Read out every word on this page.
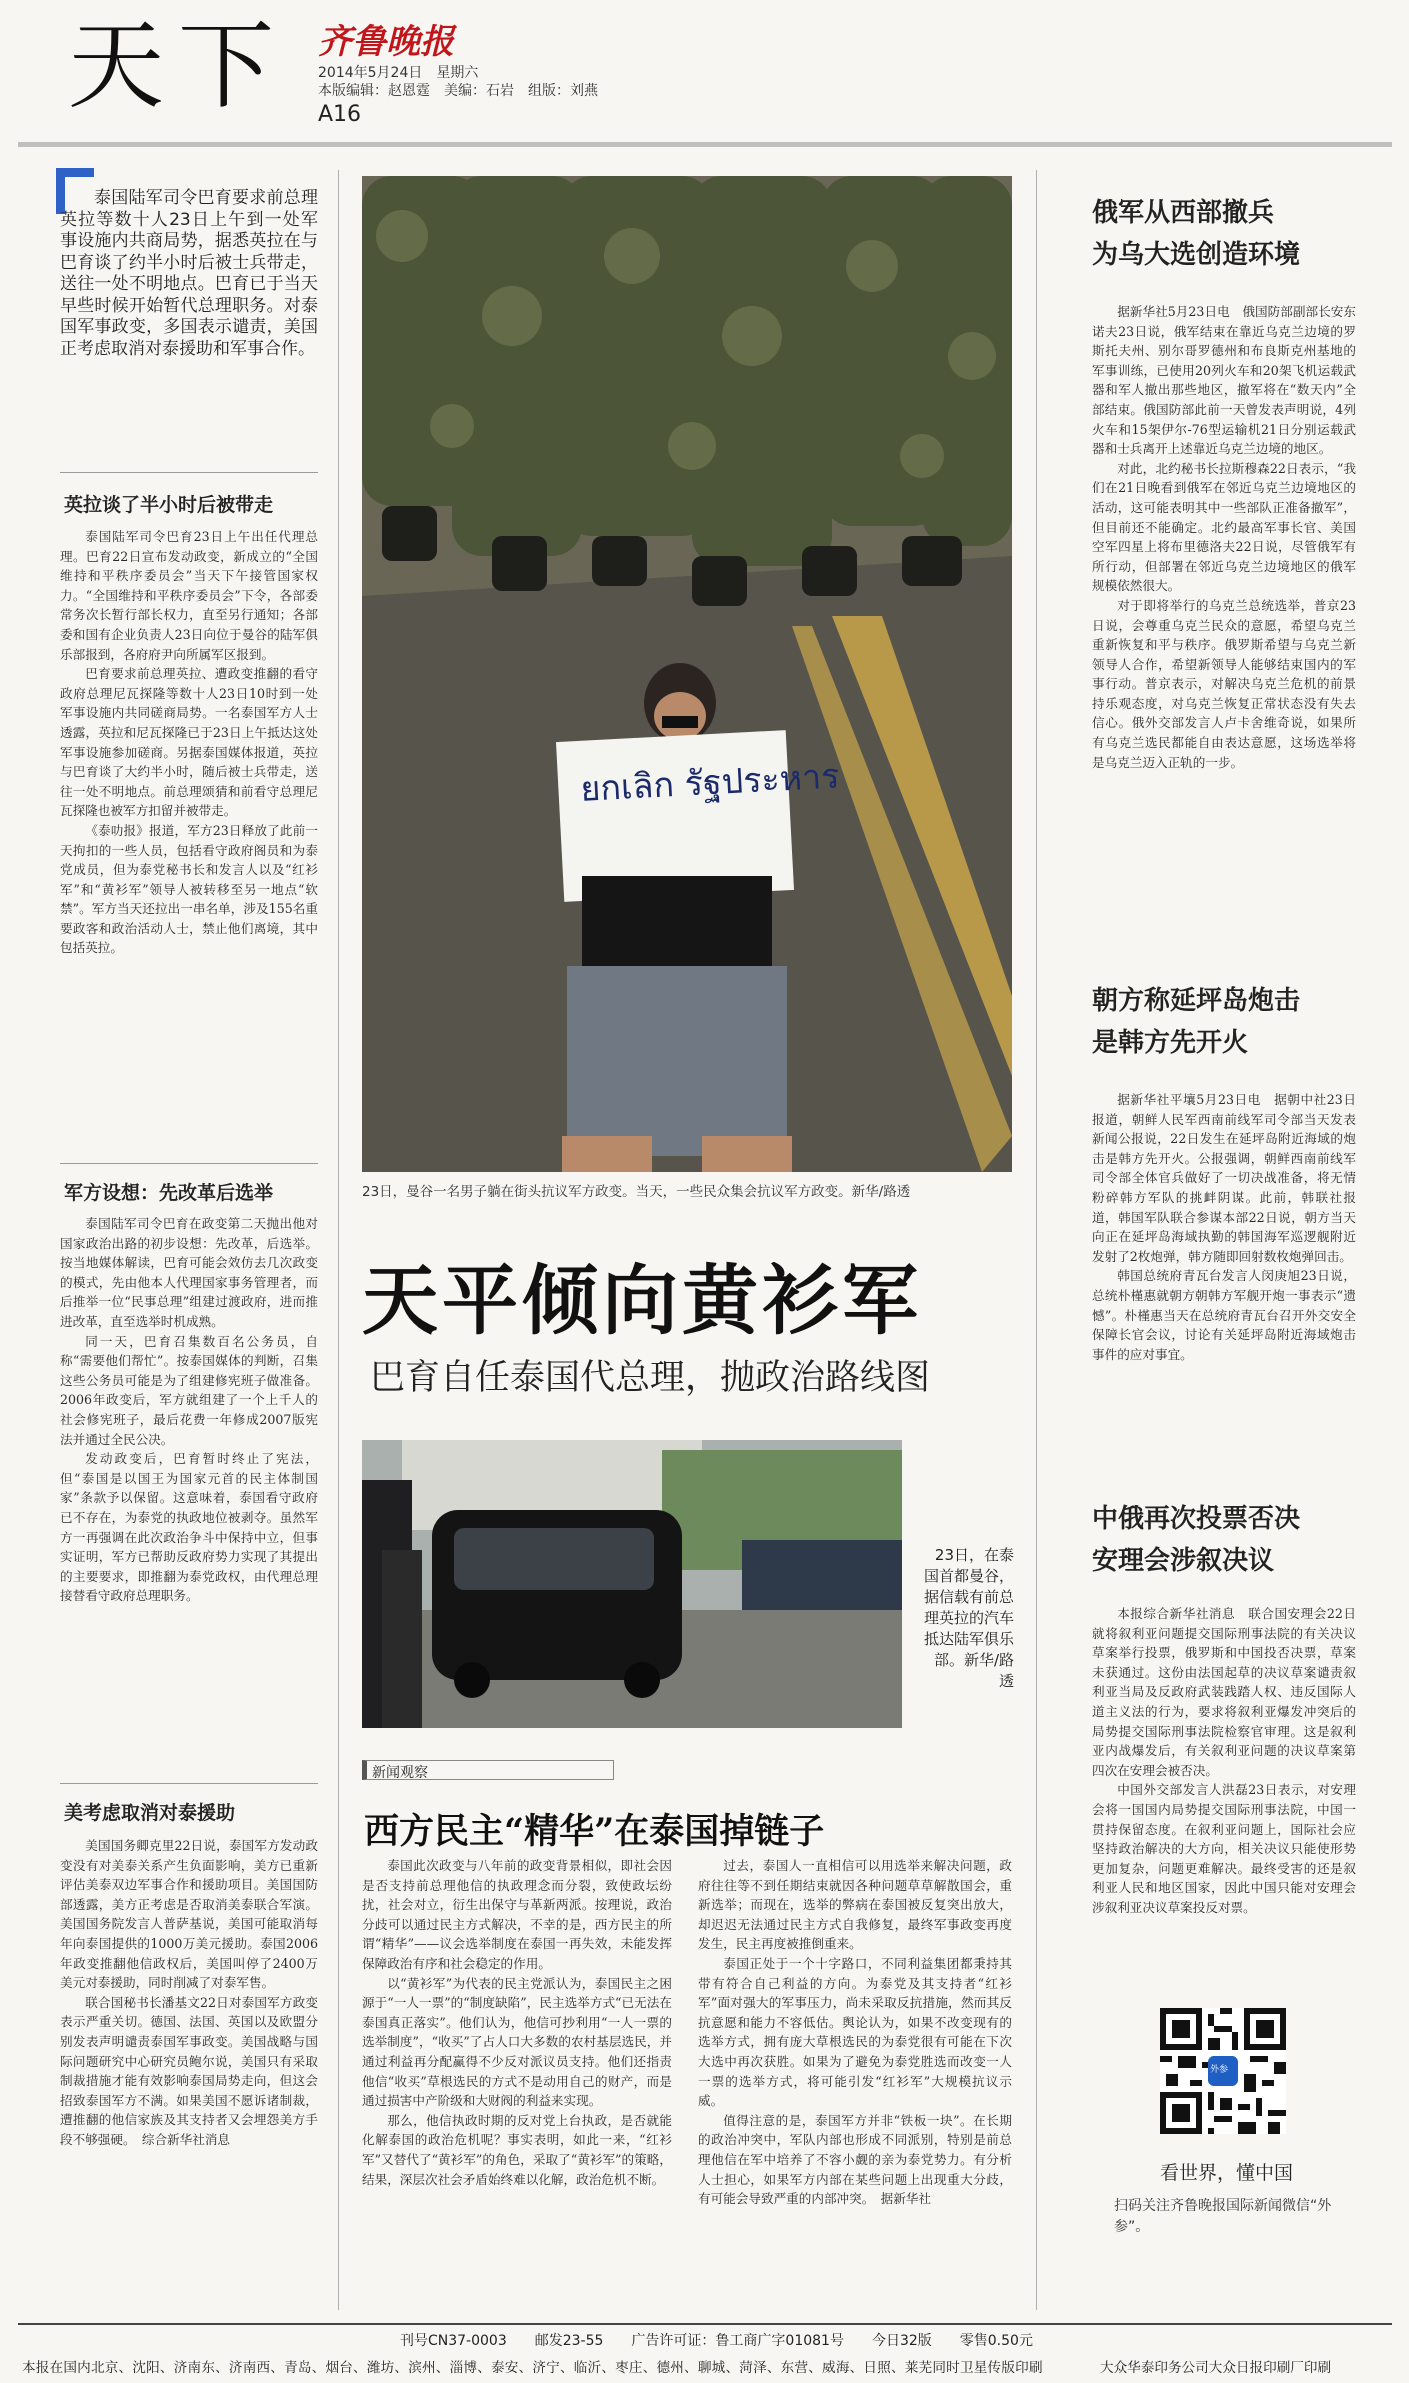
天下 齐鲁晚报
2014年5月24日　星期六
本版编辑：赵恩霆　美编：石岩　组版：刘燕
A16
泰国陆军司令巴育要求前总理英拉等数十人23日上午到一处军事设施内共商局势，据悉英拉在与巴育谈了约半小时后被士兵带走，送往一处不明地点。巴育已于当天早些时候开始暂代总理职务。对泰国军事政变，多国表示谴责，美国正考虑取消对泰援助和军事合作。
英拉谈了半小时后被带走

泰国陆军司令巴育23日上午出任代理总理。巴育22日宣布发动政变，新成立的“全国维持和平秩序委员会”当天下午接管国家权力。“全国维持和平秩序委员会”下令，各部委常务次长暂行部长权力，直至另行通知；各部委和国有企业负责人23日向位于曼谷的陆军俱乐部报到，各府府尹向所属军区报到。

巴育要求前总理英拉、遭政变推翻的看守政府总理尼瓦探隆等数十人23日10时到一处军事设施内共同磋商局势。一名泰国军方人士透露，英拉和尼瓦探隆已于23日上午抵达这处军事设施参加磋商。另据泰国媒体报道，英拉与巴育谈了大约半小时，随后被士兵带走，送往一处不明地点。前总理颂猜和前看守总理尼瓦探隆也被军方扣留并被带走。

《泰叻报》报道，军方23日释放了此前一天拘扣的一些人员，包括看守政府阁员和为泰党成员，但为泰党秘书长和发言人以及“红衫军”和“黄衫军”领导人被转移至另一地点“软禁”。军方当天还拉出一串名单，涉及155名重要政客和政治活动人士，禁止他们离境，其中包括英拉。

军方设想：先改革后选举

泰国陆军司令巴育在政变第二天抛出他对国家政治出路的初步设想：先改革，后选举。按当地媒体解读，巴育可能会效仿去几次政变的模式，先由他本人代理国家事务管理者，而后推举一位“民事总理”组建过渡政府，进而推进改革，直至选举时机成熟。

同一天，巴育召集数百名公务员，自称“需要他们帮忙”。按泰国媒体的判断，召集这些公务员可能是为了组建修宪班子做准备。2006年政变后，军方就组建了一个上千人的社会修宪班子，最后花费一年修成2007版宪法并通过全民公决。

发动政变后，巴育暂时终止了宪法，但“泰国是以国王为国家元首的民主体制国家”条款予以保留。这意味着，泰国看守政府已不存在，为泰党的执政地位被剥夺。虽然军方一再强调在此次政治争斗中保持中立，但事实证明，军方已帮助反政府势力实现了其提出的主要要求，即推翻为泰党政权，由代理总理接替看守政府总理职务。

美考虑取消对泰援助

美国国务卿克里22日说，泰国军方发动政变没有对美泰关系产生负面影响，美方已重新评估美泰双边军事合作和援助项目。美国国防部透露，美方正考虑是否取消美泰联合军演。美国国务院发言人普萨基说，美国可能取消每年向泰国提供的1000万美元援助。泰国2006年政变推翻他信政权后，美国叫停了2400万美元对泰援助，同时削减了对泰军售。

联合国秘书长潘基文22日对泰国军方政变表示严重关切。德国、法国、英国以及欧盟分别发表声明谴责泰国军事政变。美国战略与国际问题研究中心研究员鲍尔说，美国只有采取制裁措施才能有效影响泰国局势走向，但这会招致泰国军方不满。如果美国不愿诉诸制裁，遭推翻的他信家族及其支持者又会埋怨美方手段不够强硬。　综合新华社消息

ยกเลิก รัฐประหาร
23日，曼谷一名男子躺在街头抗议军方政变。当天，一些民众集会抗议军方政变。新华/路透
天平倾向黄衫军
巴育自任泰国代总理，抛政治路线图
23日，在泰国首都曼谷，据信载有前总理英拉的汽车抵达陆军俱乐部。新华/路透
新闻观察
西方民主“精华”在泰国掉链子

泰国此次政变与八年前的政变背景相似，即社会因是否支持前总理他信的执政理念而分裂，致使政坛纷扰，社会对立，衍生出保守与革新两派。按理说，政治分歧可以通过民主方式解决，不幸的是，西方民主的所谓“精华”——议会选举制度在泰国一再失效，未能发挥保障政治有序和社会稳定的作用。

以“黄衫军”为代表的民主党派认为，泰国民主之困源于“一人一票”的“制度缺陷”，民主选举方式“已无法在泰国真正落实”。他们认为，他信可抄利用“一人一票的选举制度”，“收买”了占人口大多数的农村基层选民，并通过利益再分配赢得不少反对派议员支持。他们还指责他信“收买”草根选民的方式不是动用自己的财产，而是通过损害中产阶级和大财阀的利益来实现。

那么，他信执政时期的反对党上台执政，是否就能化解泰国的政治危机呢？事实表明，如此一来，“红衫军”又替代了“黄衫军”的角色，采取了“黄衫军”的策略，结果，深层次社会矛盾始终难以化解，政治危机不断。

过去，泰国人一直相信可以用选举来解决问题，政府往往等不到任期结束就因各种问题草草解散国会，重新选举；而现在，选举的弊病在泰国被反复突出放大，却迟迟无法通过民主方式自我修复，最终军事政变再度发生，民主再度被推倒重来。

泰国正处于一个十字路口，不同利益集团都秉持其带有符合自己利益的方向。为泰党及其支持者“红衫军”面对强大的军事压力，尚未采取反抗措施，然而其反抗意愿和能力不容低估。舆论认为，如果不改变现有的选举方式，拥有庞大草根选民的为泰党很有可能在下次大选中再次获胜。如果为了避免为泰党胜选而改变一人一票的选举方式，将可能引发“红衫军”大规模抗议示威。

值得注意的是，泰国军方并非“铁板一块”。在长期的政治冲突中，军队内部也形成不同派别，特别是前总理他信在军中培养了不容小觑的亲为泰党势力。有分析人士担心，如果军方内部在某些问题上出现重大分歧，有可能会导致严重的内部冲突。　据新华社

俄军从西部撤兵
为乌大选创造环境

据新华社5月23日电　俄国防部副部长安东诺夫23日说，俄军结束在靠近乌克兰边境的罗斯托夫州、别尔哥罗德州和布良斯克州基地的军事训练，已使用20列火车和20架飞机运载武器和军人撤出那些地区，撤军将在“数天内”全部结束。俄国防部此前一天曾发表声明说，4列火车和15架伊尔-76型运输机21日分别运载武器和士兵离开上述靠近乌克兰边境的地区。

对此，北约秘书长拉斯穆森22日表示，“我们在21日晚看到俄军在邻近乌克兰边境地区的活动，这可能表明其中一些部队正准备撤军”，但目前还不能确定。北约最高军事长官、美国空军四星上将布里德洛夫22日说，尽管俄军有所行动，但部署在邻近乌克兰边境地区的俄军规模依然很大。

对于即将举行的乌克兰总统选举，普京23日说，会尊重乌克兰民众的意愿，希望乌克兰重新恢复和平与秩序。俄罗斯希望与乌克兰新领导人合作，希望新领导人能够结束国内的军事行动。普京表示，对解决乌克兰危机的前景持乐观态度，对乌克兰恢复正常状态没有失去信心。俄外交部发言人卢卡舍维奇说，如果所有乌克兰选民都能自由表达意愿，这场选举将是乌克兰迈入正轨的一步。

朝方称延坪岛炮击
是韩方先开火

据新华社平壤5月23日电　据朝中社23日报道，朝鲜人民军西南前线军司令部当天发表新闻公报说，22日发生在延坪岛附近海域的炮击是韩方先开火。公报强调，朝鲜西南前线军司令部全体官兵做好了一切决战准备，将无情粉碎韩方军队的挑衅阴谋。此前，韩联社报道，韩国军队联合参谋本部22日说，朝方当天向正在延坪岛海域执勤的韩国海军巡逻舰附近发射了2枚炮弹，韩方随即回射数枚炮弹回击。

韩国总统府青瓦台发言人闵庚旭23日说，总统朴槿惠就朝方朝韩方军舰开炮一事表示“遗憾”。朴槿惠当天在总统府青瓦台召开外交安全保障长官会议，讨论有关延坪岛附近海域炮击事件的应对事宜。

中俄再次投票否决
安理会涉叙决议

本报综合新华社消息　联合国安理会22日就将叙利亚问题提交国际刑事法院的有关决议草案举行投票，俄罗斯和中国投否决票，草案未获通过。这份由法国起草的决议草案谴责叙利亚当局及反政府武装践踏人权、违反国际人道主义法的行为，要求将叙利亚爆发冲突后的局势提交国际刑事法院检察官审理。这是叙利亚内战爆发后，有关叙利亚问题的决议草案第四次在安理会被否决。

中国外交部发言人洪磊23日表示，对安理会将一国国内局势提交国际刑事法院，中国一贯持保留态度。在叙利亚问题上，国际社会应坚持政治解决的大方向，相关决议只能使形势更加复杂，问题更难解决。最终受害的还是叙利亚人民和地区国家，因此中国只能对安理会涉叙利亚决议草案投反对票。

外参
看世界，懂中国
扫码关注齐鲁晚报国际新闻微信“外参”。
刊号CN37-0003　　邮发23-55　　广告许可证：鲁工商广字01081号　　今日32版　　零售0.50元
本报在国内北京、沈阳、济南东、济南西、青岛、烟台、潍坊、滨州、淄博、泰安、济宁、临沂、枣庄、德州、聊城、菏泽、东营、威海、日照、莱芜同时卫星传版印刷	大众华泰印务公司大众日报印刷厂印刷
